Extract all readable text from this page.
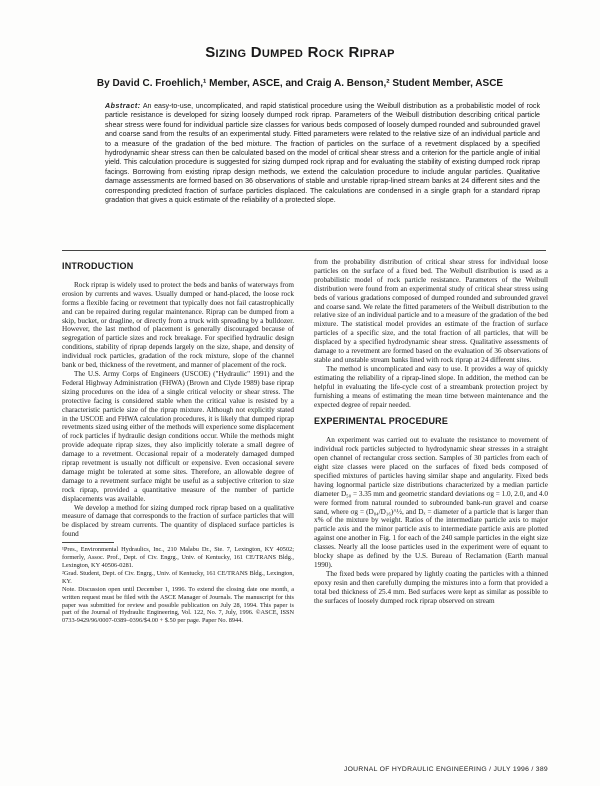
Sizing Dumped Rock Riprap
By David C. Froehlich,¹ Member, ASCE, and Craig A. Benson,² Student Member, ASCE
Abstract: An easy-to-use, uncomplicated, and rapid statistical procedure using the Weibull distribution as a probabilistic model of rock particle resistance is developed for sizing loosely dumped rock riprap. Parameters of the Weibull distribution describing critical particle shear stress were found for individual particle size classes for various beds composed of loosely dumped rounded and subrounded gravel and coarse sand from the results of an experimental study. Fitted parameters were related to the relative size of an individual particle and to a measure of the gradation of the bed mixture. The fraction of particles on the surface of a revetment displaced by a specified hydrodynamic shear stress can then be calculated based on the model of critical shear stress and a criterion for the particle angle of initial yield. This calculation procedure is suggested for sizing dumped rock riprap and for evaluating the stability of existing dumped rock riprap facings. Borrowing from existing riprap design methods, we extend the calculation procedure to include angular particles. Qualitative damage assessments are formed based on 36 observations of stable and unstable riprap-lined stream banks at 24 different sites and the corresponding predicted fraction of surface particles displaced. The calculations are condensed in a single graph for a standard riprap gradation that gives a quick estimate of the reliability of a protected slope.
INTRODUCTION

Rock riprap is widely used to protect the beds and banks of waterways from erosion by currents and waves. Usually dumped or hand-placed, the loose rock forms a flexible facing or revetment that typically does not fail catastrophically and can be repaired during regular maintenance. Riprap can be dumped from a skip, bucket, or dragline, or directly from a truck with spreading by a bulldozer. However, the last method of placement is generally discouraged because of segregation of particle sizes and rock breakage. For specified hydraulic design conditions, stability of riprap depends largely on the size, shape, and density of individual rock particles, gradation of the rock mixture, slope of the channel bank or bed, thickness of the revetment, and manner of placement of the rock.

The U.S. Army Corps of Engineers (USCOE) ("Hydraulic" 1991) and the Federal Highway Administration (FHWA) (Brown and Clyde 1989) base riprap sizing procedures on the idea of a single critical velocity or shear stress. The protective facing is considered stable when the critical value is resisted by a characteristic particle size of the riprap mixture. Although not explicitly stated in the USCOE and FHWA calculation procedures, it is likely that dumped riprap revetments sized using either of the methods will experience some displacement of rock particles if hydraulic design conditions occur. While the methods might provide adequate riprap sizes, they also implicitly tolerate a small degree of damage to a revetment. Occasional repair of a moderately damaged dumped riprap revetment is usually not difficult or expensive. Even occasional severe damage might be tolerated at some sites. Therefore, an allowable degree of damage to a revetment surface might be useful as a subjective criterion to size rock riprap, provided a quantitative measure of the number of particle displacements was available.

We develop a method for sizing dumped rock riprap based on a qualitative measure of damage that corresponds to the fraction of surface particles that will be displaced by stream currents. The quantity of displaced surface particles is found

¹Pres., Environmental Hydraulics, Inc., 210 Malabu Dr., Ste. 7, Lexington, KY 40502; formerly, Assoc. Prof., Dept. of Civ. Engrg., Univ. of Kentucky, 161 CE/TRANS Bldg., Lexington, KY 40506-0281.

²Grad. Student, Dept. of Civ. Engrg., Univ. of Kentucky, 161 CE/TRANS Bldg., Lexington, KY.

Note. Discussion open until December 1, 1996. To extend the closing date one month, a written request must be filed with the ASCE Manager of Journals. The manuscript for this paper was submitted for review and possible publication on July 28, 1994. This paper is part of the Journal of Hydraulic Engineering, Vol. 122, No. 7, July, 1996. ©ASCE, ISSN 0733-9429/96/0007-0389–0396/$4.00 + $.50 per page. Paper No. 8944.

from the probability distribution of critical shear stress for individual loose particles on the surface of a fixed bed. The Weibull distribution is used as a probabilistic model of rock particle resistance. Parameters of the Weibull distribution were found from an experimental study of critical shear stress using beds of various gradations composed of dumped rounded and subrounded gravel and coarse sand. We relate the fitted parameters of the Weibull distribution to the relative size of an individual particle and to a measure of the gradation of the bed mixture. The statistical model provides an estimate of the fraction of surface particles of a specific size, and the total fraction of all particles, that will be displaced by a specified hydrodynamic shear stress. Qualitative assessments of damage to a revetment are formed based on the evaluation of 36 observations of stable and unstable stream banks lined with rock riprap at 24 different sites.

The method is uncomplicated and easy to use. It provides a way of quickly estimating the reliability of a riprap-lined slope. In addition, the method can be helpful in evaluating the life-cycle cost of a streambank protection project by furnishing a means of estimating the mean time between maintenance and the expected degree of repair needed.

EXPERIMENTAL PROCEDURE

An experiment was carried out to evaluate the resistance to movement of individual rock particles subjected to hydrodynamic shear stresses in a straight open channel of rectangular cross section. Samples of 30 particles from each of eight size classes were placed on the surfaces of fixed beds composed of specified mixtures of particles having similar shape and angularity. Fixed beds having lognormal particle size distributions characterized by a median particle diameter D₅₀ = 3.35 mm and geometric standard deviations σg = 1.0, 2.0, and 4.0 were formed from natural rounded to subrounded bank-run gravel and coarse sand, where σg = (D₈₄/D₁₆)^½, and Dₓ = diameter of a particle that is larger than x% of the mixture by weight. Ratios of the intermediate particle axis to major particle axis and the minor particle axis to intermediate particle axis are plotted against one another in Fig. 1 for each of the 240 sample particles in the eight size classes. Nearly all the loose particles used in the experiment were of equant to blocky shape as defined by the U.S. Bureau of Reclamation (Earth manual 1990).

The fixed beds were prepared by lightly coating the particles with a thinned epoxy resin and then carefully dumping the mixtures into a form that provided a total bed thickness of 25.4 mm. Bed surfaces were kept as similar as possible to the surfaces of loosely dumped rock riprap observed on stream

JOURNAL OF HYDRAULIC ENGINEERING / JULY 1996 / 389
